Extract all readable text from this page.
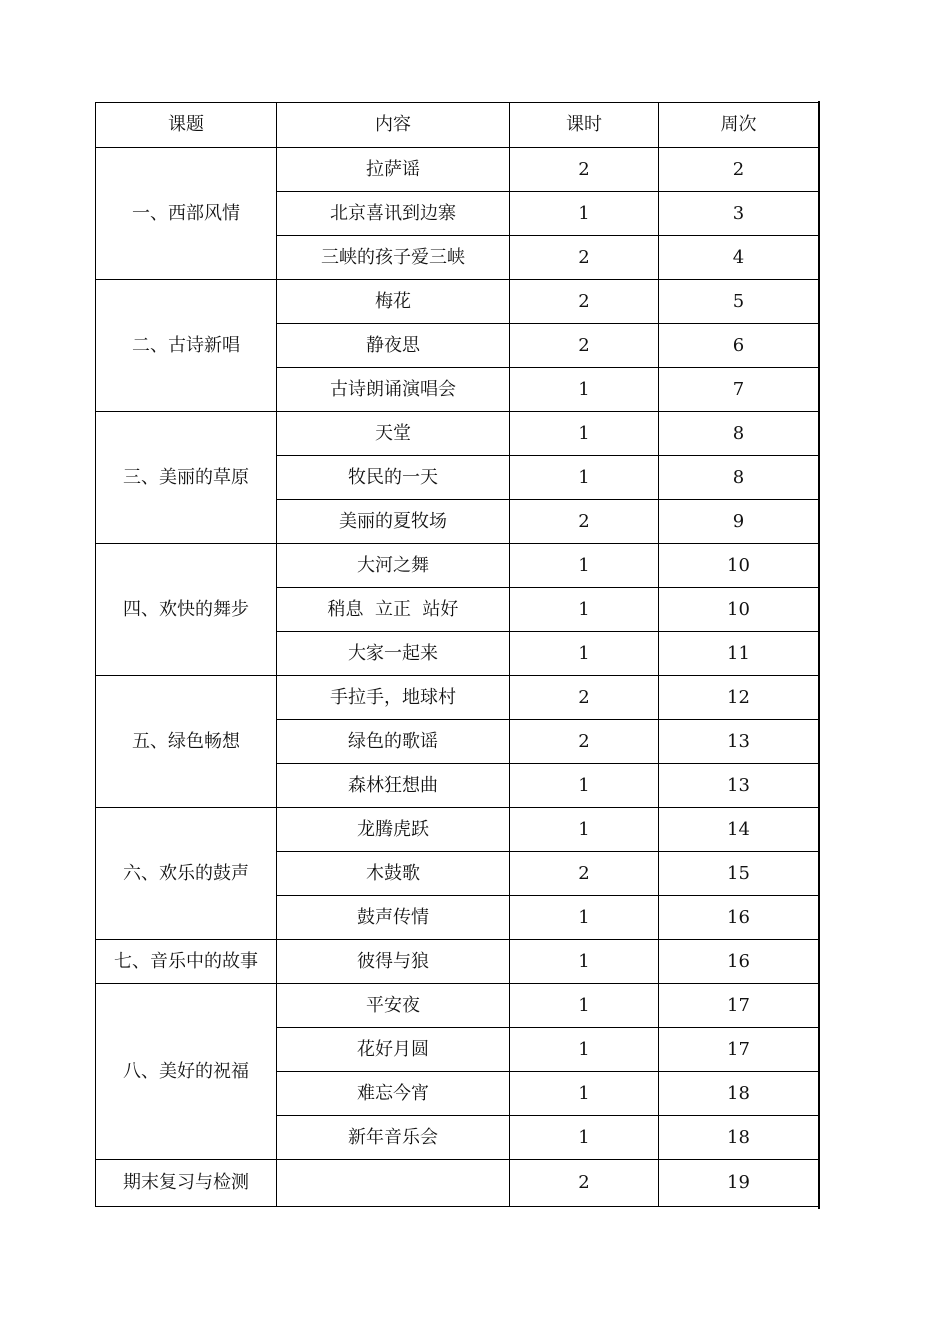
课题	内容	课时	周次
一、西部风情	拉萨谣	2	2
	北京喜讯到边寨	1	3
	三峡的孩子爱三峡	2	4
二、古诗新唱	梅花	2	5
	静夜思	2	6
	古诗朗诵演唱会	1	7
三、美丽的草原	天堂	1	8
	牧民的一天	1	8
	美丽的夏牧场	2	9
四、欢快的舞步	大河之舞	1	10
	稍息  立正  站好	1	10
	大家一起来	1	11
五、绿色畅想	手拉手，地球村	2	12
	绿色的歌谣	2	13
	森林狂想曲	1	13
六、欢乐的鼓声	龙腾虎跃	1	14
	木鼓歌	2	15
	鼓声传情	1	16
七、音乐中的故事	彼得与狼	1	16
八、美好的祝福	平安夜	1	17
	花好月圆	1	17
	难忘今宵	1	18
	新年音乐会	1	18
期末复习与检测		2	19
